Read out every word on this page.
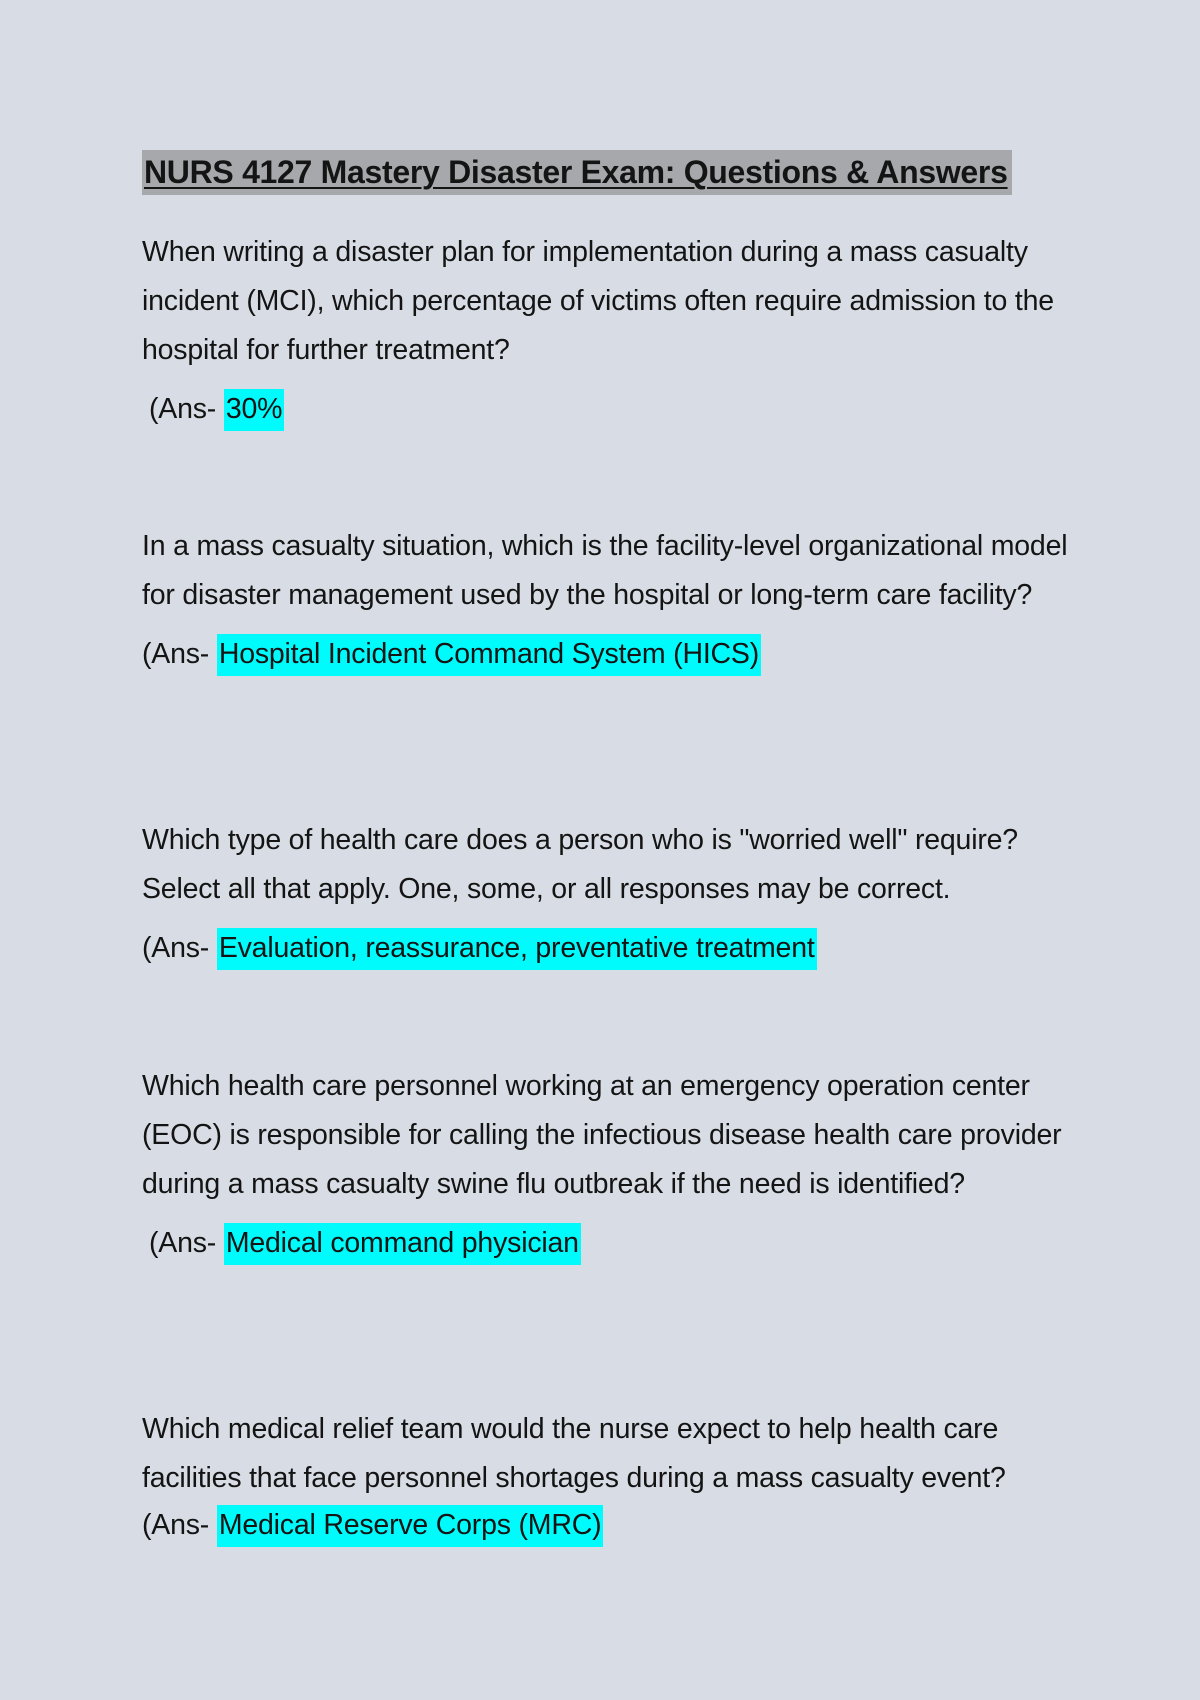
NURS 4127 Mastery Disaster Exam: Questions & Answers

When writing a disaster plan for implementation during a mass casualty incident (MCI), which percentage of victims often require admission to the hospital for further treatment?

(Ans- 30%

In a mass casualty situation, which is the facility-level organizational model for disaster management used by the hospital or long-term care facility?

(Ans- Hospital Incident Command System (HICS)

Which type of health care does a person who is "worried well" require? Select all that apply. One, some, or all responses may be correct.

(Ans- Evaluation, reassurance, preventative treatment

Which health care personnel working at an emergency operation center (EOC) is responsible for calling the infectious disease health care provider during a mass casualty swine flu outbreak if the need is identified?

(Ans- Medical command physician

Which medical relief team would the nurse expect to help health care facilities that face personnel shortages during a mass casualty event?

(Ans- Medical Reserve Corps (MRC)
